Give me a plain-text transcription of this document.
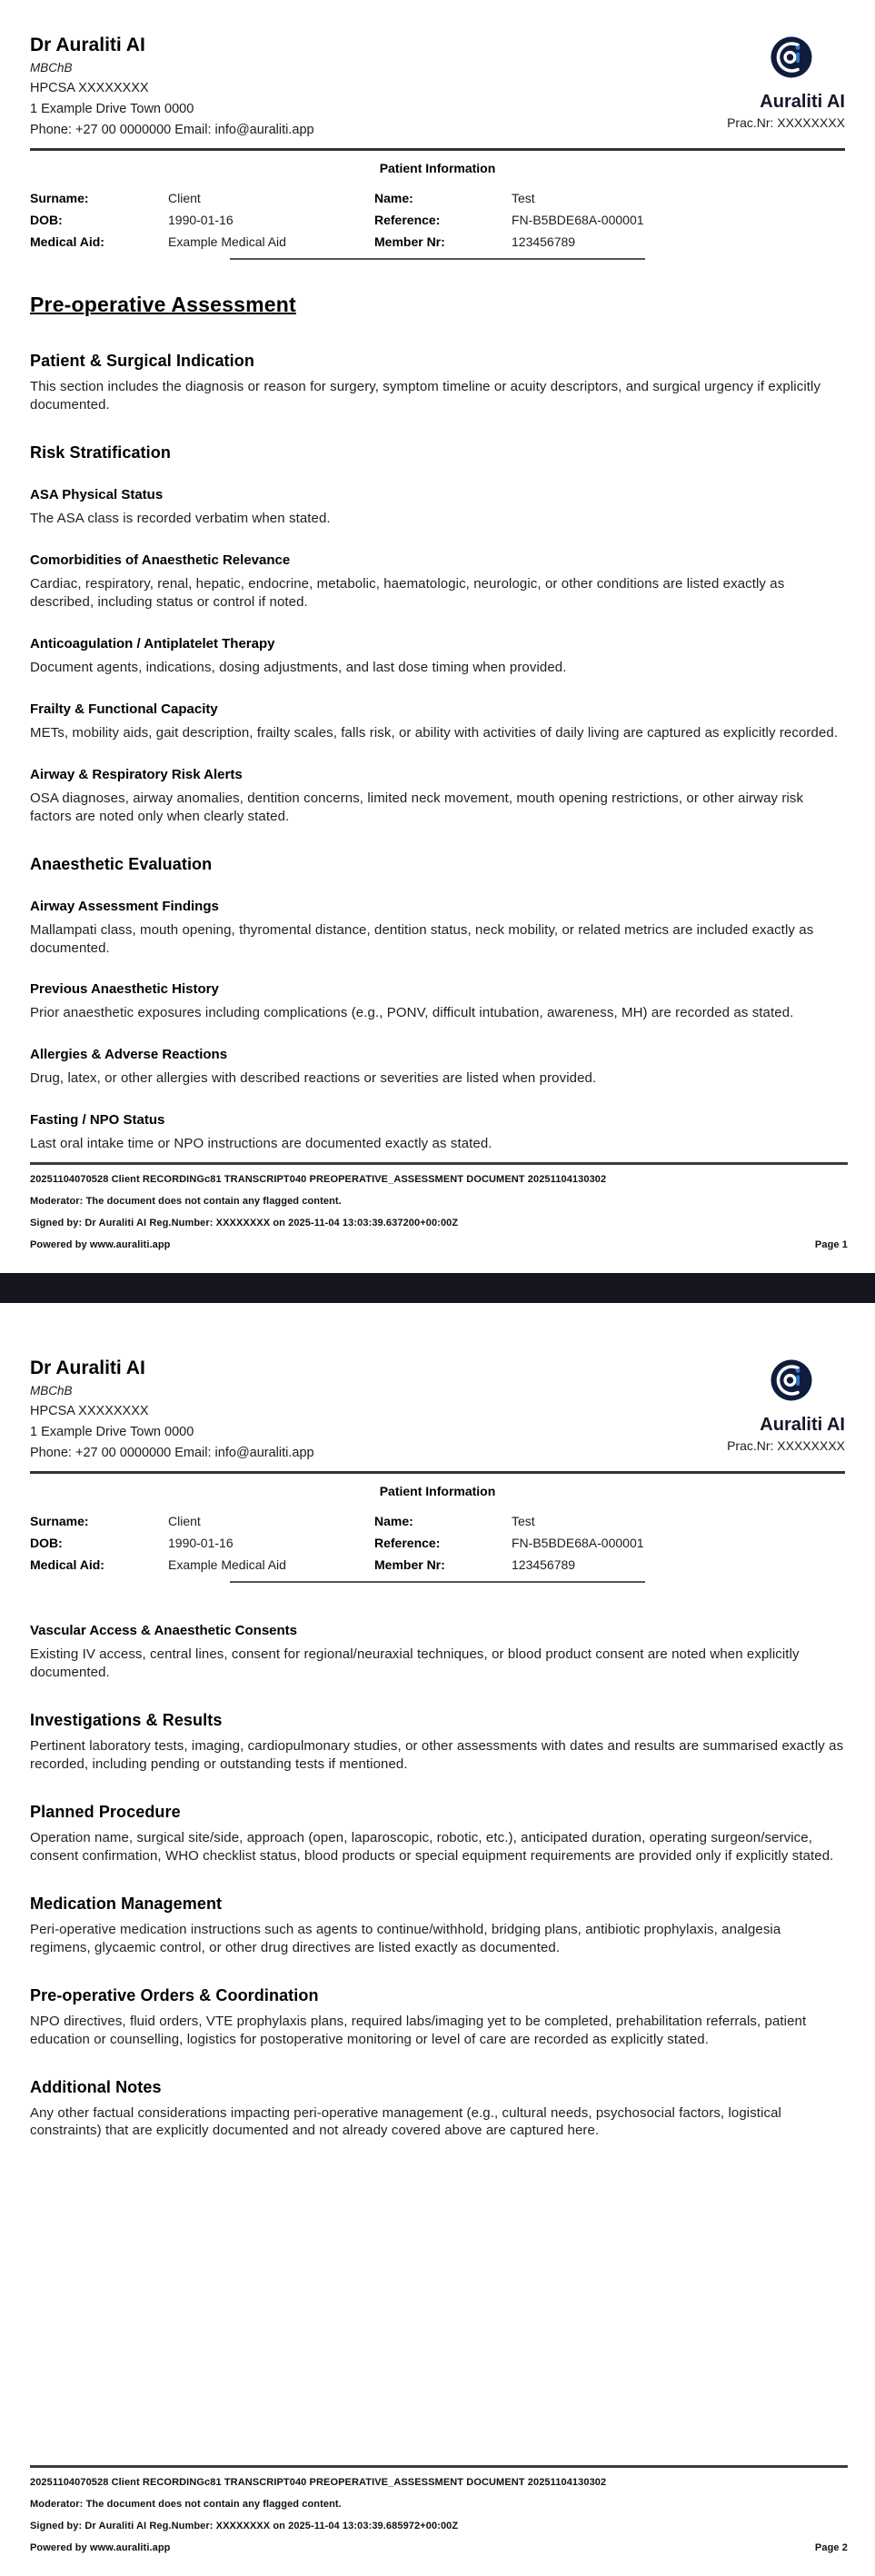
Dr Auraliti AI

MBChB
HPCSA XXXXXXXX
1 Example Drive Town 0000
Phone: +27 00 0000000 Email: info@auraliti.app
Auraliti AI
Prac.Nr: XXXXXXXX
Patient Information
Surname:	Client	Name:	Test
DOB:	1990-01-16	Reference:	FN-B5BDE68A-000001
Medical Aid:	Example Medical Aid	Member Nr:	123456789
Pre-operative Assessment
Patient & Surgical Indication

This section includes the diagnosis or reason for surgery, symptom timeline or acuity descriptors, and surgical urgency if explicitly documented.

Risk Stratification
ASA Physical Status

The ASA class is recorded verbatim when stated.

Comorbidities of Anaesthetic Relevance

Cardiac, respiratory, renal, hepatic, endocrine, metabolic, haematologic, neurologic, or other conditions are listed exactly as described, including status or control if noted.

Anticoagulation / Antiplatelet Therapy

Document agents, indications, dosing adjustments, and last dose timing when provided.

Frailty & Functional Capacity

METs, mobility aids, gait description, frailty scales, falls risk, or ability with activities of daily living are captured as explicitly recorded.

Airway & Respiratory Risk Alerts

OSA diagnoses, airway anomalies, dentition concerns, limited neck movement, mouth opening restrictions, or other airway risk factors are noted only when clearly stated.

Anaesthetic Evaluation
Airway Assessment Findings

Mallampati class, mouth opening, thyromental distance, dentition status, neck mobility, or related metrics are included exactly as documented.

Previous Anaesthetic History

Prior anaesthetic exposures including complications (e.g., PONV, difficult intubation, awareness, MH) are recorded as stated.

Allergies & Adverse Reactions

Drug, latex, or other allergies with described reactions or severities are listed when provided.

Fasting / NPO Status

Last oral intake time or NPO instructions are documented exactly as stated.

20251104070528 Client RECORDINGc81 TRANSCRIPT040 PREOPERATIVE_ASSESSMENT DOCUMENT 20251104130302

Moderator: The document does not contain any flagged content.

Signed by: Dr Auraliti AI Reg.Number: XXXXXXXX on 2025-11-04 13:03:39.637200+00:00Z

Powered by www.auraliti.app	Page 1

Dr Auraliti AI

MBChB
HPCSA XXXXXXXX
1 Example Drive Town 0000
Phone: +27 00 0000000 Email: info@auraliti.app
Auraliti AI
Prac.Nr: XXXXXXXX
Patient Information
Surname:	Client	Name:	Test
DOB:	1990-01-16	Reference:	FN-B5BDE68A-000001
Medical Aid:	Example Medical Aid	Member Nr:	123456789
Vascular Access & Anaesthetic Consents

Existing IV access, central lines, consent for regional/neuraxial techniques, or blood product consent are noted when explicitly documented.

Investigations & Results

Pertinent laboratory tests, imaging, cardiopulmonary studies, or other assessments with dates and results are summarised exactly as recorded, including pending or outstanding tests if mentioned.

Planned Procedure

Operation name, surgical site/side, approach (open, laparoscopic, robotic, etc.), anticipated duration, operating surgeon/service, consent confirmation, WHO checklist status, blood products or special equipment requirements are provided only if explicitly stated.

Medication Management

Peri-operative medication instructions such as agents to continue/withhold, bridging plans, antibiotic prophylaxis, analgesia regimens, glycaemic control, or other drug directives are listed exactly as documented.

Pre-operative Orders & Coordination

NPO directives, fluid orders, VTE prophylaxis plans, required labs/imaging yet to be completed, prehabilitation referrals, patient education or counselling, logistics for postoperative monitoring or level of care are recorded as explicitly stated.

Additional Notes

Any other factual considerations impacting peri-operative management (e.g., cultural needs, psychosocial factors, logistical constraints) that are explicitly documented and not already covered above are captured here.

20251104070528 Client RECORDINGc81 TRANSCRIPT040 PREOPERATIVE_ASSESSMENT DOCUMENT 20251104130302

Moderator: The document does not contain any flagged content.

Signed by: Dr Auraliti AI Reg.Number: XXXXXXXX on 2025-11-04 13:03:39.685972+00:00Z

Powered by www.auraliti.app	Page 2
